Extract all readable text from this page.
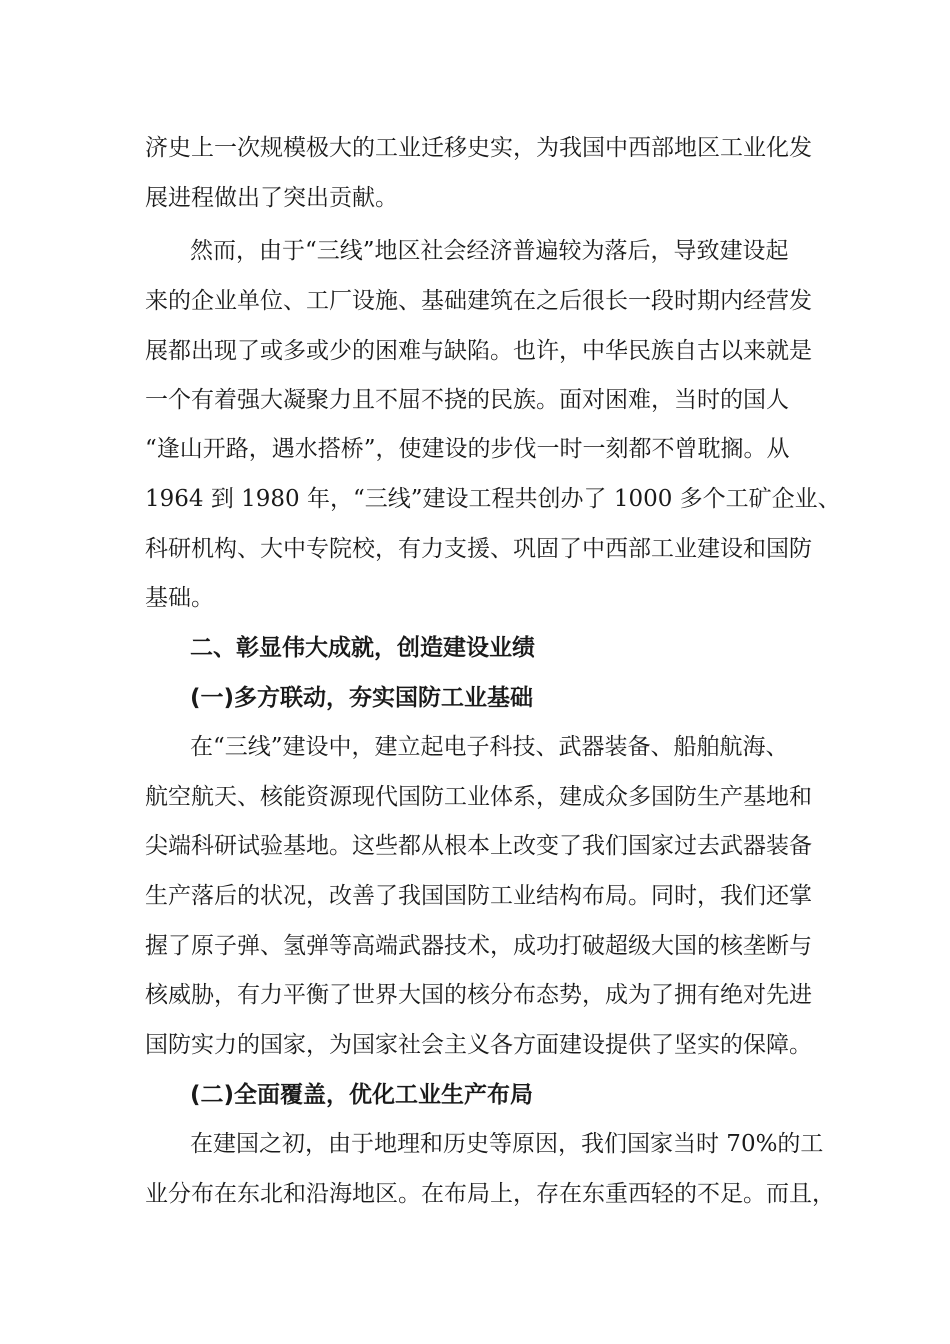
济史上一次规模极大的工业迁移史实，为我国中西部地区工业化发
展进程做出了突出贡献。
然而，由于“三线”地区社会经济普遍较为落后，导致建设起
来的企业单位、工厂设施、基础建筑在之后很长一段时期内经营发
展都出现了或多或少的困难与缺陷。也许，中华民族自古以来就是
一个有着强大凝聚力且不屈不挠的民族。面对困难，当时的国人
“逢山开路，遇水搭桥”，使建设的步伐一时一刻都不曾耽搁。从
1964 到 1980 年，“三线”建设工程共创办了 1000 多个工矿企业、
科研机构、大中专院校，有力支援、巩固了中西部工业建设和国防
基础。
二、彰显伟大成就，创造建设业绩
(一)多方联动，夯实国防工业基础
在“三线”建设中，建立起电子科技、武器装备、船舶航海、
航空航天、核能资源现代国防工业体系，建成众多国防生产基地和
尖端科研试验基地。这些都从根本上改变了我们国家过去武器装备
生产落后的状况，改善了我国国防工业结构布局。同时，我们还掌
握了原子弹、氢弹等高端武器技术，成功打破超级大国的核垄断与
核威胁，有力平衡了世界大国的核分布态势，成为了拥有绝对先进
国防实力的国家，为国家社会主义各方面建设提供了坚实的保障。
(二)全面覆盖，优化工业生产布局
在建国之初，由于地理和历史等原因，我们国家当时 70%的工
业分布在东北和沿海地区。在布局上，存在东重西轻的不足。而且，
